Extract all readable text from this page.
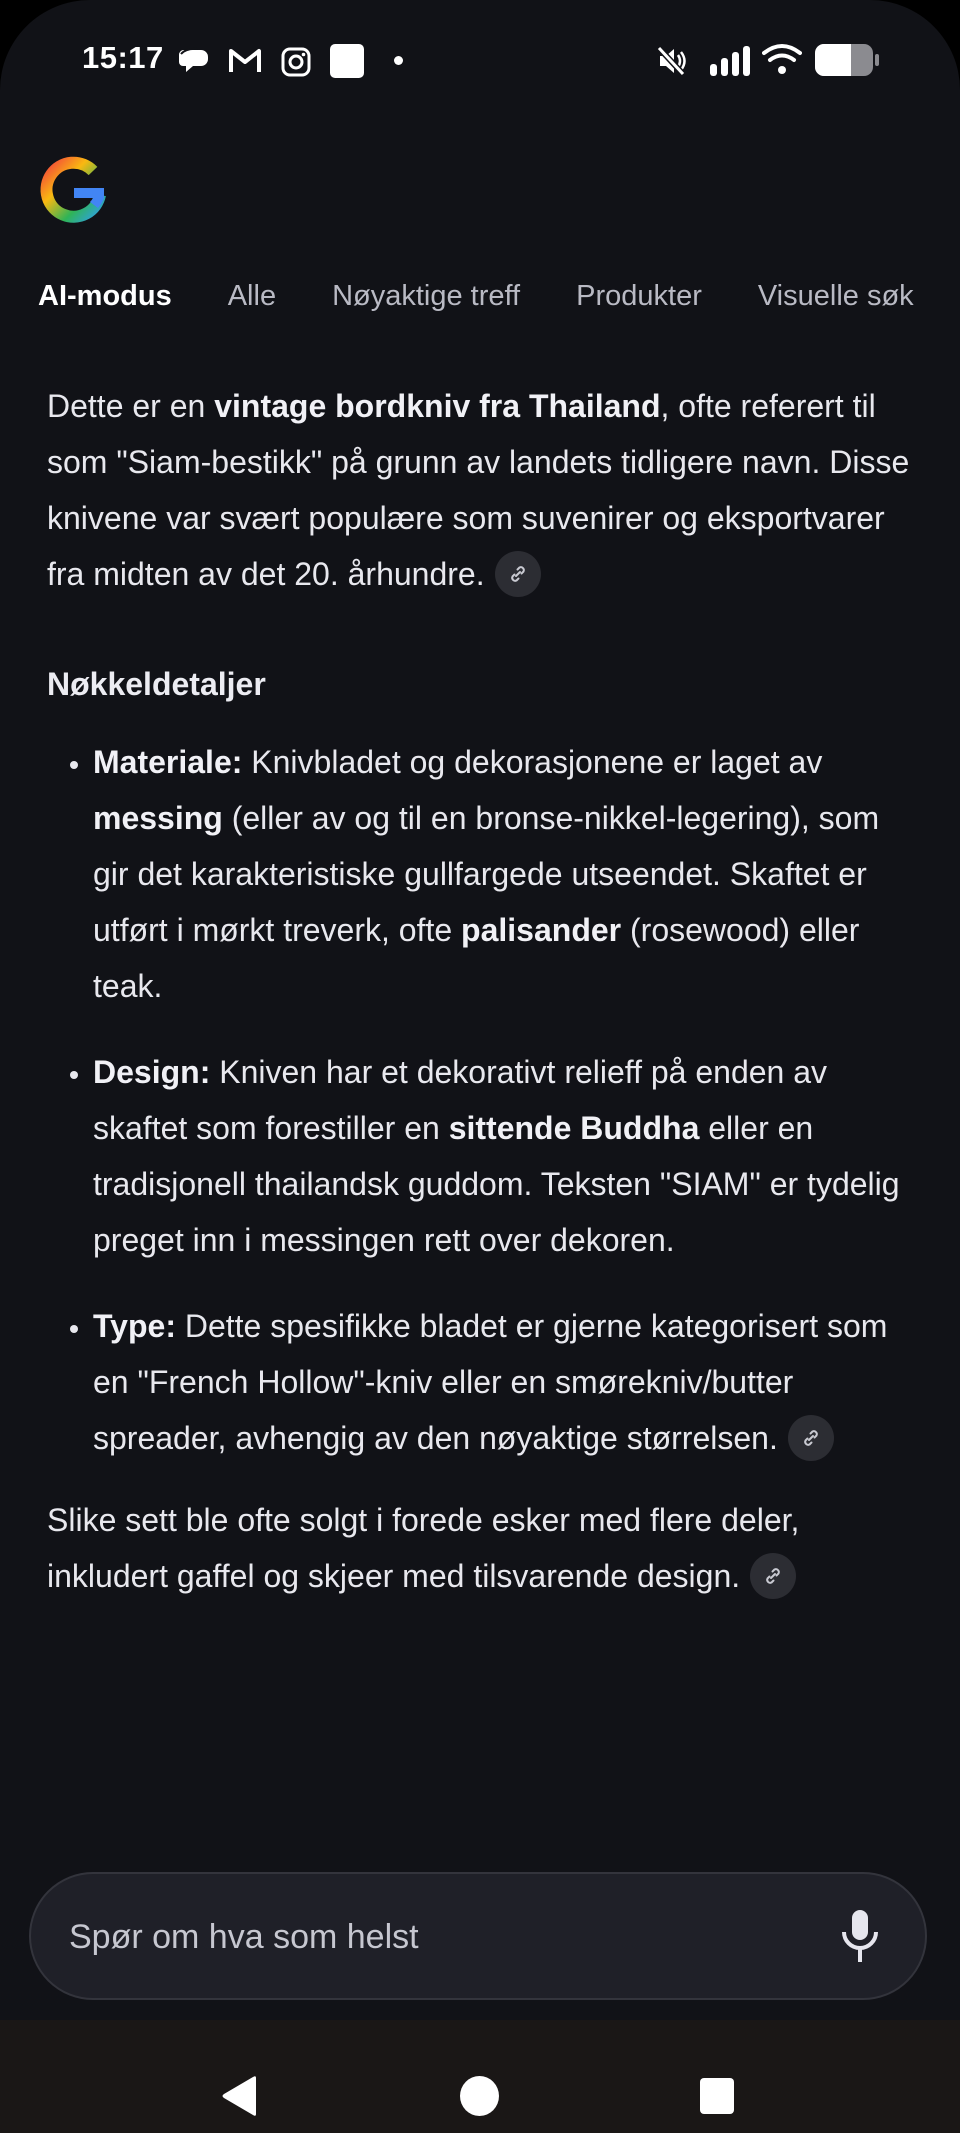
15:17
AI-modus Alle Nøyaktige treff Produkter Visuelle søk

Dette er en vintage bordkniv fra Thailand, ofte referert til som "Siam-bestikk" på grunn av landets tidligere navn. Disse knivene var svært populære som suvenirer og eksportvarer fra midten av det 20. århundre.

Nøkkeldetaljer

• Materiale: Knivbladet og dekorasjonene er laget av messing (eller av og til en bronse-nikkel-legering), som gir det karakteristiske gullfargede utseendet. Skaftet er utført i mørkt treverk, ofte palisander (rosewood) eller teak.
• Design: Kniven har et dekorativt relieff på enden av skaftet som forestiller en sittende Buddha eller en tradisjonell thailandsk guddom. Teksten "SIAM" er tydelig preget inn i messingen rett over dekoren.
• Type: Dette spesifikke bladet er gjerne kategorisert som en "French Hollow"-kniv eller en smørekniv/butter spreader, avhengig av den nøyaktige størrelsen.

Slike sett ble ofte solgt i forede esker med flere deler, inkludert gaffel og skjeer med tilsvarende design.

Spør om hva som helst
